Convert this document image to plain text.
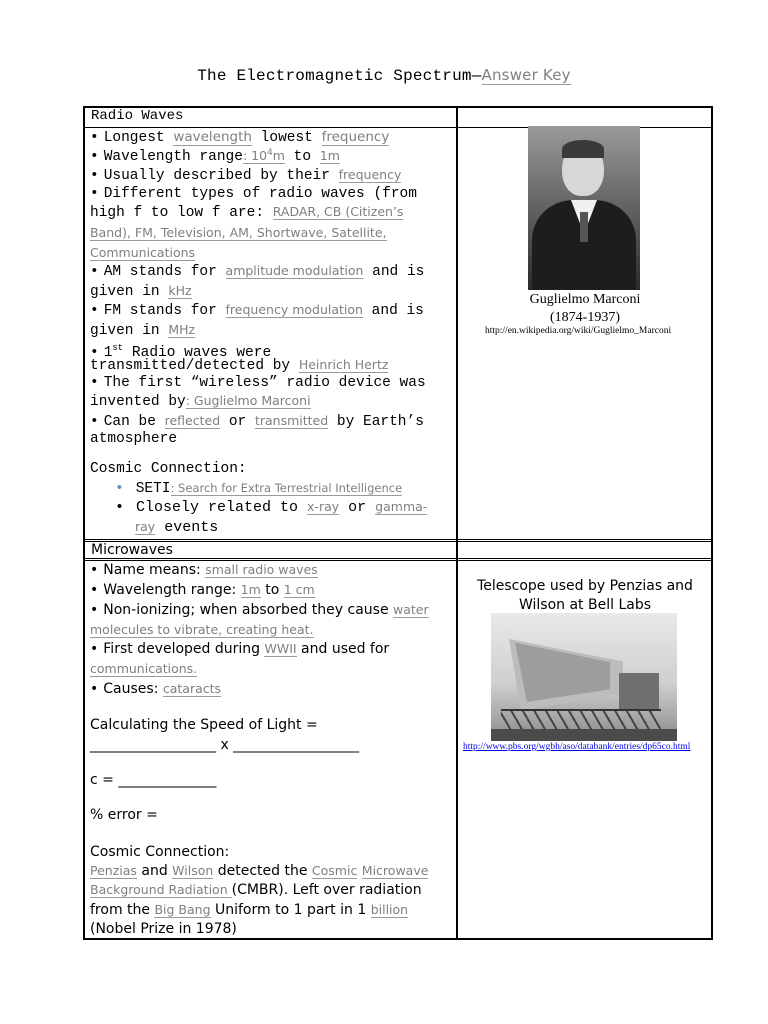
The Electromagnetic Spectrum—Answer Key
Radio Waves
• Longest wavelength lowest frequency
• Wavelength range: $10^4m$ to 1m
• Usually described by their frequency
• Different types of radio waves (from
high f to low f are: RADAR, CB (Citizen’s
Band), FM, Television, AM, Shortwave, Satellite,
Communications
• AM stands for amplitude modulation and is
given in kHz
• FM stands for frequency modulation and is
given in MHz
• 1st Radio waves were
transmitted/detected by Heinrich Hertz
• The first “wireless” radio device was
invented by: Guglielmo Marconi
• Can be reflected or transmitted by Earth’s
atmosphere
Cosmic Connection:
• SETI: Search for Extra Terrestrial Intelligence
• Closely related to x-ray or gamma-
ray events
Guglielmo Marconi
(1874-1937)
http://en.wikipedia.org/wiki/Guglielmo_Marconi
Microwaves
• Name means: small radio waves
• Wavelength range: 1m to 1 cm
• Non-ionizing; when absorbed they cause water
molecules to vibrate, creating heat.
• First developed during WWII and used for
communications.
• Causes: cataracts
Calculating the Speed of Light =
__________________ x __________________
c = ______________
% error =
Cosmic Connection:
Penzias and Wilson detected the Cosmic Microwave
Background Radiation (CMBR). Left over radiation
from the Big Bang Uniform to 1 part in 1 billion
(Nobel Prize in 1978)
Telescope used by Penzias and
Wilson at Bell Labs
http://www.pbs.org/wgbh/aso/databank/entries/dp65co.html
